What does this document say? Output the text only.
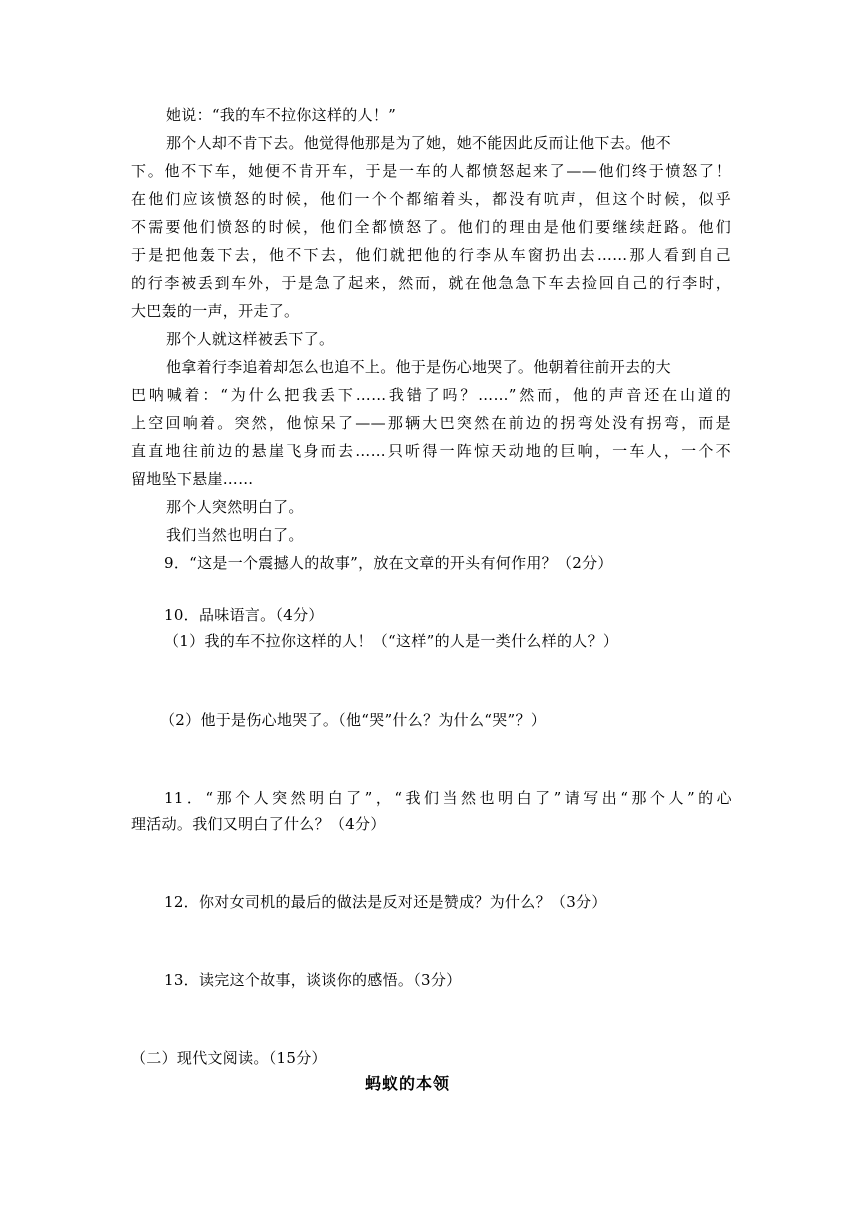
她说：“我的车不拉你这样的人！”
那个人却不肯下去。他觉得他那是为了她，她不能因此反而让他下去。他不
下。他不下车，她便不肯开车，于是一车的人都愤怒起来了——他们终于愤怒了！
在他们应该愤怒的时候，他们一个个都缩着头，都没有吭声，但这个时候，似乎
不需要他们愤怒的时候，他们全都愤怒了。他们的理由是他们要继续赶路。他们
于是把他轰下去，他不下去，他们就把他的行李从车窗扔出去……那人看到自己
的行李被丢到车外，于是急了起来，然而，就在他急急下车去捡回自己的行李时，
大巴轰的一声，开走了。
那个人就这样被丢下了。
他拿着行李追着却怎么也追不上。他于是伤心地哭了。他朝着往前开去的大
巴呐喊着：“为什么把我丢下……我错了吗？……”然而，他的声音还在山道的
上空回响着。突然，他惊呆了——那辆大巴突然在前边的拐弯处没有拐弯，而是
直直地往前边的悬崖飞身而去……只听得一阵惊天动地的巨响，一车人，一个不
留地坠下悬崖……
那个人突然明白了。
我们当然也明白了。
9．“这是一个震撼人的故事”，放在文章的开头有何作用？（2分）
10．品味语言。（4分）
（1）我的车不拉你这样的人！（“这样”的人是一类什么样的人？）
（2）他于是伤心地哭了。（他“哭”什么？为什么“哭”？）
11．“那个人突然明白了”，“我们当然也明白了”请写出“那个人”的心
理活动。我们又明白了什么？（4分）
12．你对女司机的最后的做法是反对还是赞成？为什么？（3分）
13．读完这个故事，谈谈你的感悟。（3分）
（二）现代文阅读。（15分）
蚂蚁的本领
